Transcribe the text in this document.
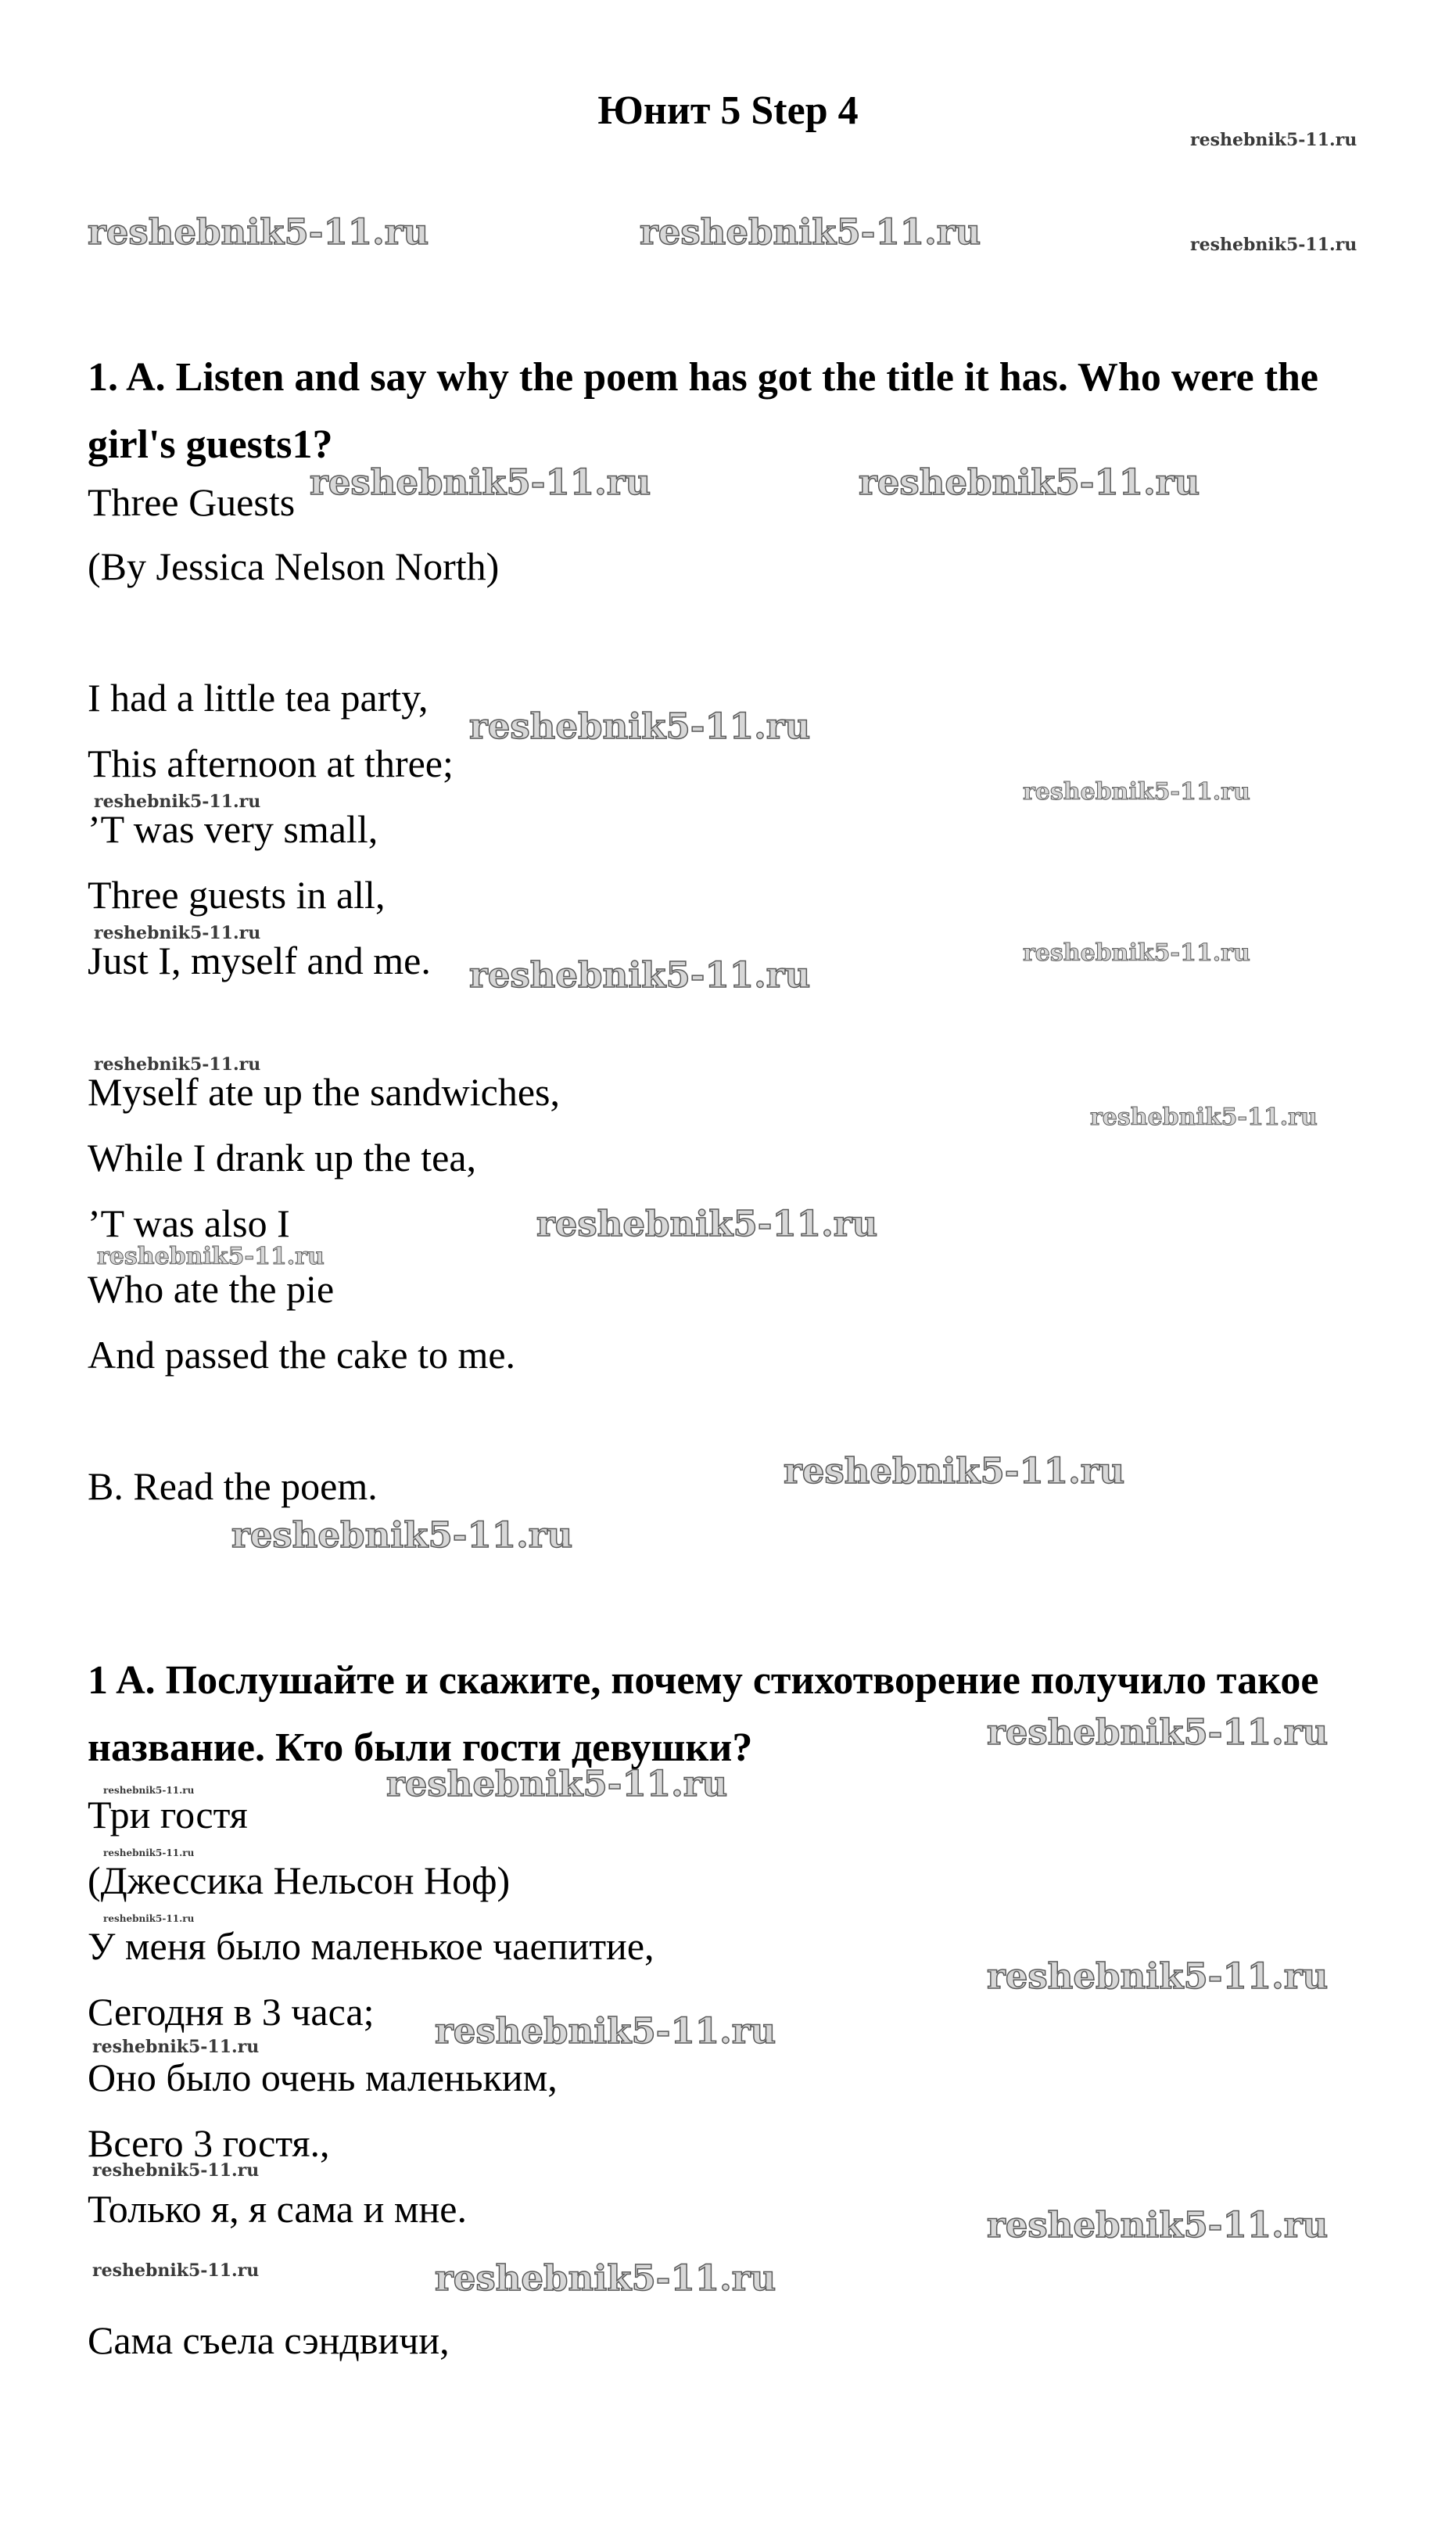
Юнит 5 Step 4
1. A. Listen and say why the poem has got the title it has. Who were the girl's guests1?
Three Guests
(By Jessica Nelson North)
I had a little tea party,
This afternoon at three;
’T was very small,
Three guests in all,
Just I, myself and me.
Myself ate up the sandwiches,
While I drank up the tea,
’T was also I
Who ate the pie
And passed the cake to me.
B. Read the poem.
1 A. Послушайте и скажите, почему стихотворение получило такое название. Кто были гости девушки?
Три гостя
(Джессика Нельсон Ноф)
У меня было маленькое чаепитие,
Сегодня в 3 часа;
Оно было очень маленьким,
Всего 3 гостя.,
Только я, я сама и мне.
Сама съела сэндвичи,
reshebnik5-11.ru
reshebnik5-11.ru	reshebnik5-11.ru	reshebnik5-11.ru
reshebnik5-11.ru	reshebnik5-11.ru
reshebnik5-11.ru
reshebnik5-11.ru
reshebnik5-11.ru
reshebnik5-11.ru
reshebnik5-11.ru
reshebnik5-11.ru
reshebnik5-11.ru
reshebnik5-11.ru
reshebnik5-11.ru
reshebnik5-11.ru
reshebnik5-11.ru
reshebnik5-11.ru
reshebnik5-11.ru
reshebnik5-11.ru	reshebnik5-11.ru
reshebnik5-11.ru
reshebnik5-11.ru
reshebnik5-11.ru
reshebnik5-11.ru
reshebnik5-11.ru
reshebnik5-11.ru
reshebnik5-11.ru
reshebnik5-11.ru	reshebnik5-11.ru
